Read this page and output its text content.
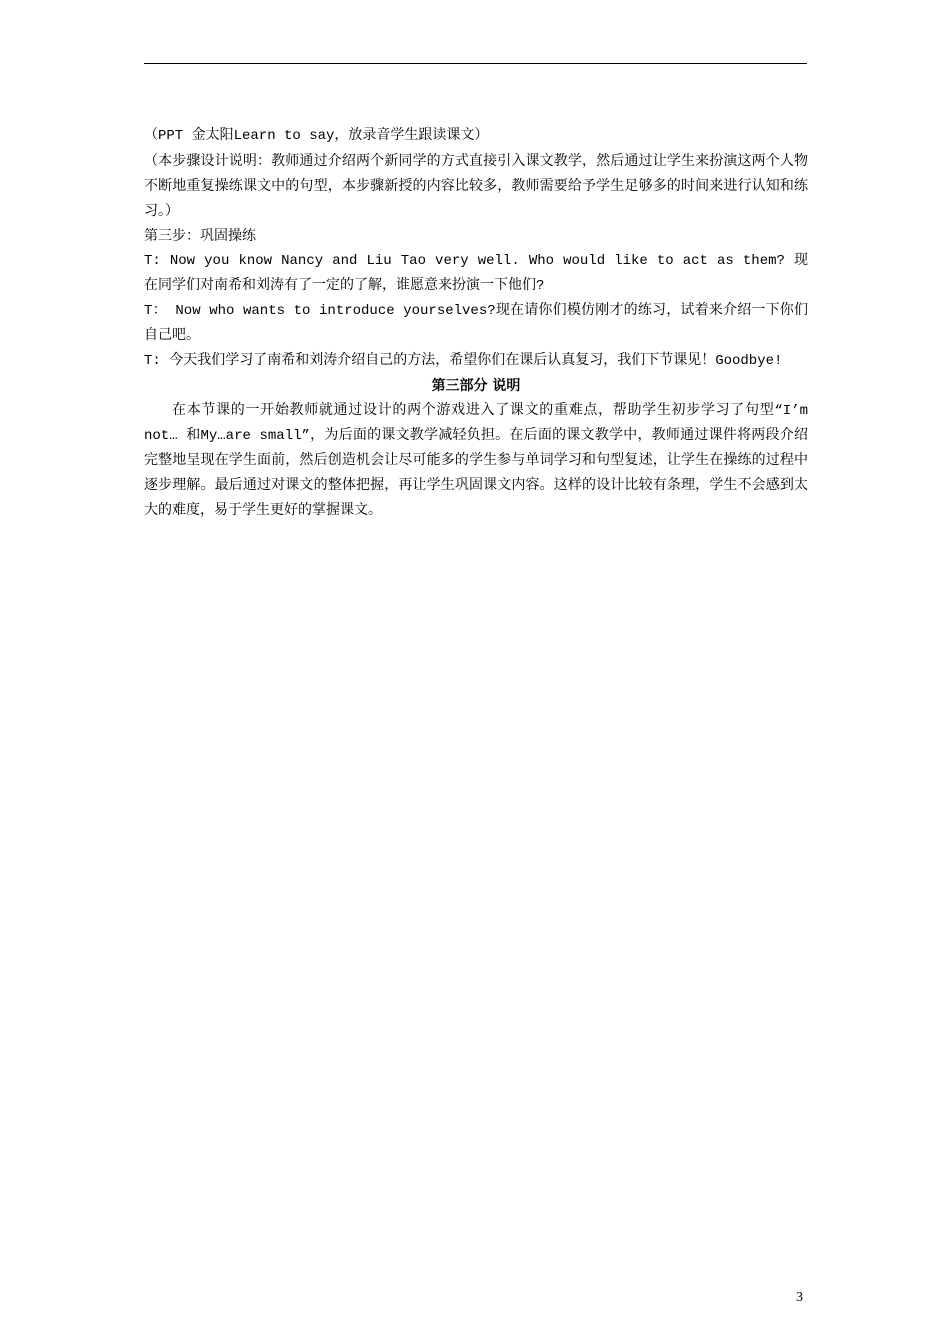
（PPT 金太阳Learn to say，放录音学生跟读课文）

（本步骤设计说明：教师通过介绍两个新同学的方式直接引入课文教学，然后通过让学生来扮演这两个人物不断地重复操练课文中的句型，本步骤新授的内容比较多，教师需要给予学生足够多的时间来进行认知和练习。）

第三步：巩固操练

T: Now you know Nancy and Liu Tao very well. Who would like to act as them? 现在同学们对南希和刘涛有了一定的了解，谁愿意来扮演一下他们?

T： Now who wants to introduce yourselves?现在请你们模仿刚才的练习，试着来介绍一下你们自己吧。

T: 今天我们学习了南希和刘涛介绍自己的方法，希望你们在课后认真复习，我们下节课见！Goodbye!

第三部分 说明

在本节课的一开始教师就通过设计的两个游戏进入了课文的重难点，帮助学生初步学习了句型“I’m not… 和My…are small”，为后面的课文教学减轻负担。在后面的课文教学中，教师通过课件将两段介绍完整地呈现在学生面前，然后创造机会让尽可能多的学生参与单词学习和句型复述，让学生在操练的过程中逐步理解。最后通过对课文的整体把握，再让学生巩固课文内容。这样的设计比较有条理，学生不会感到太大的难度，易于学生更好的掌握课文。

3
